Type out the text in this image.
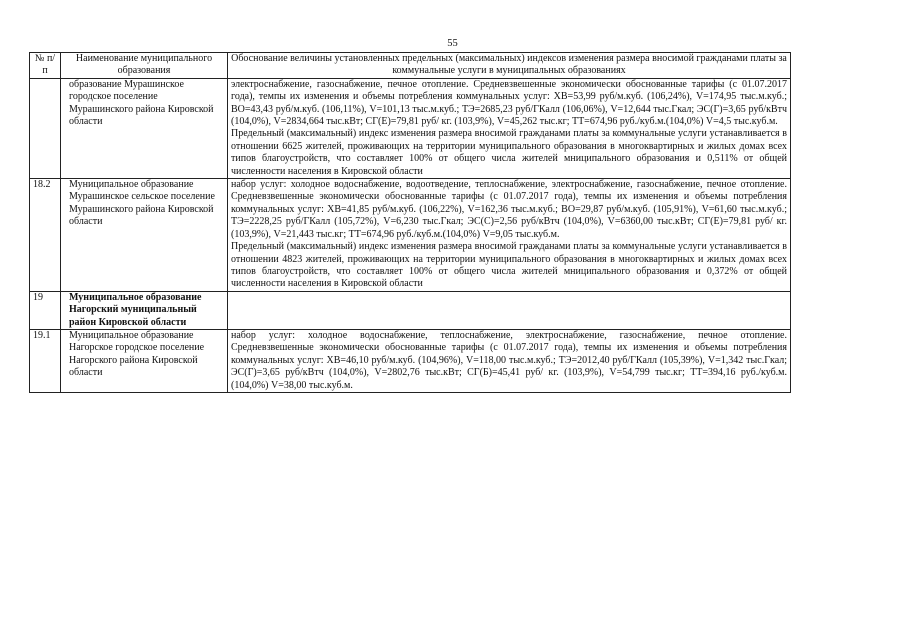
55
№ п/п	Наименование муниципального образования	Обоснование величины установленных предельных (максимальных) индексов изменения размера вносимой гражданами платы за коммунальные услуги в муниципальных образованиях
	образование Мурашинское городское поселение Мурашинского района Кировской области	электроснабжение, газоснабжение, печное отопление. Средневзвешенные экономически обоснованные тарифы (с 01.07.2017 года), темпы их изменения и объемы потребления коммунальных услуг: ХВ=53,99 руб/м.куб. (106,24%), V=174,95 тыс.м.куб.; ВО=43,43 руб/м.куб. (106,11%), V=101,13 тыс.м.куб.; ТЭ=2685,23 руб/ГКалл (106,06%), V=12,644 тыс.Гкал; ЭС(Г)=3,65 руб/кВтч (104,0%), V=2834,664 тыс.кВт; СГ(Е)=79,81 руб/ кг. (103,9%), V=45,262 тыс.кг; ТТ=674,96 руб./куб.м.(104,0%) V=4,5 тыс.куб.м.

Предельный (максимальный) индекс изменения размера вносимой гражданами платы за коммунальные услуги устанавливается в отношении 6625 жителей, проживающих на территории муниципального образования в многоквартирных и жилых домах всех типов благоустройств, что составляет 100% от общего числа жителей мниципального образования и 0,511% от общей численности населения в Кировской области

18.2	Муниципальное образование Мурашинское сельское поселение Мурашинского района Кировской области	набор услуг: холодное водоснабжение, водоотведение, теплоснабжение, электроснабжение, газоснабжение, печное отопление. Средневзвешенные экономически обоснованные тарифы (с 01.07.2017 года), темпы их изменения и объемы потребления коммунальных услуг: ХВ=41,85 руб/м.куб. (106,22%), V=162,36 тыс.м.куб.; ВО=29,87 руб/м.куб. (105,91%), V=61,60 тыс.м.куб.; ТЭ=2228,25 руб/ГКалл (105,72%), V=6,230 тыс.Гкал; ЭС(С)=2,56 руб/кВтч (104,0%), V=6360,00 тыс.кВт; СГ(Е)=79,81 руб/ кг. (103,9%), V=21,443 тыс.кг; ТТ=674,96 руб./куб.м.(104,0%) V=9,05 тыс.куб.м.

Предельный (максимальный) индекс изменения размера вносимой гражданами платы за коммунальные услуги устанавливается в отношении 4823 жителей, проживающих на территории муниципального образования в многоквартирных и жилых домах всех типов благоустройств, что составляет 100% от общего числа жителей мниципального образования и 0,372% от общей численности населения в Кировской области

19	Муниципальное образование Нагорский муниципальный район Кировской области	

19.1	Муниципальное образование Нагорское городское поселение Нагорского района Кировской области	набор услуг: холодное водоснабжение, теплоснабжение, электроснабжение, газоснабжение, печное отопление. Средневзвешенные экономически обоснованные тарифы (с 01.07.2017 года), темпы их изменения и объемы потребления коммунальных услуг: ХВ=46,10 руб/м.куб. (104,96%), V=118,00 тыс.м.куб.; ТЭ=2012,40 руб/ГКалл (105,39%), V=1,342 тыс.Гкал; ЭС(Г)=3,65 руб/кВтч (104,0%), V=2802,76 тыс.кВт; СГ(Б)=45,41 руб/ кг. (103,9%), V=54,799 тыс.кг; ТТ=394,16 руб./куб.м.(104,0%) V=38,00 тыс.куб.м.
